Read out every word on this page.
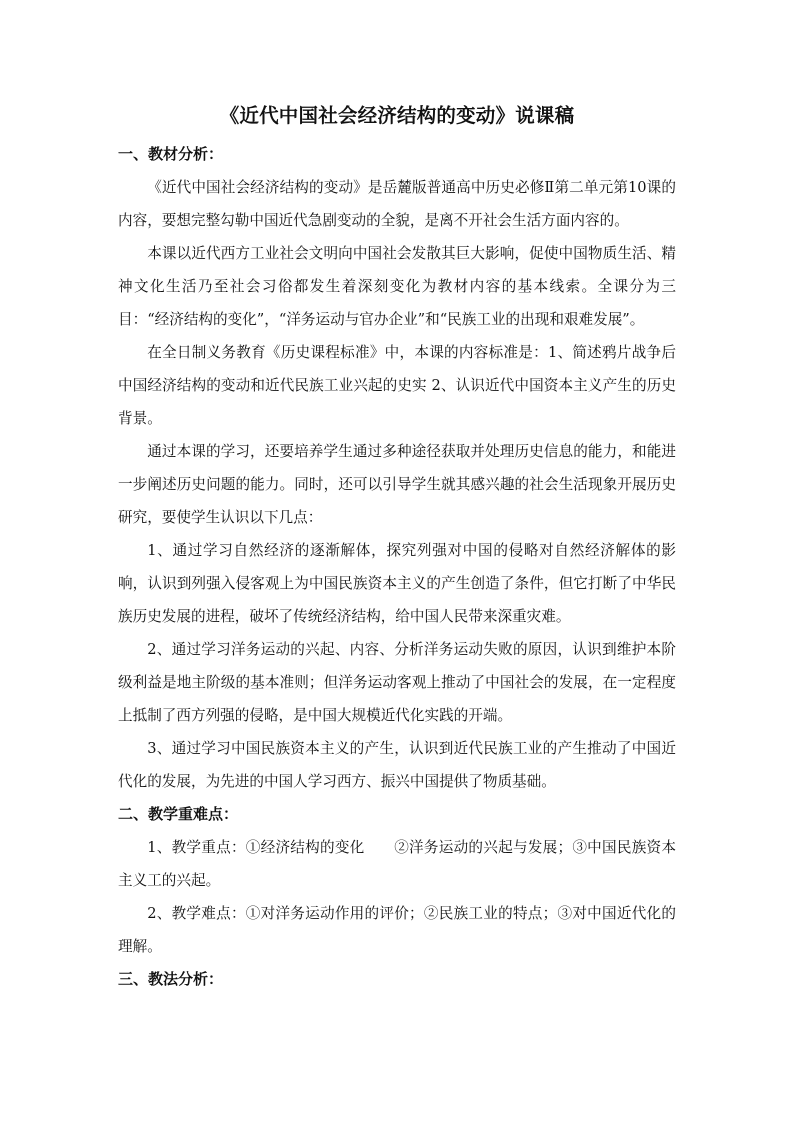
《近代中国社会经济结构的变动》说课稿

一、教材分析：

《近代中国社会经济结构的变动》是岳麓版普通高中历史必修Ⅱ第二单元第10课的内容，要想完整勾勒中国近代急剧变动的全貌，是离不开社会生活方面内容的。

本课以近代西方工业社会文明向中国社会发散其巨大影响，促使中国物质生活、精神文化生活乃至社会习俗都发生着深刻变化为教材内容的基本线索。全课分为三目：“经济结构的变化”，“洋务运动与官办企业”和“民族工业的出现和艰难发展”。

在全日制义务教育《历史课程标准》中，本课的内容标准是：1、简述鸦片战争后中国经济结构的变动和近代民族工业兴起的史实 2、认识近代中国资本主义产生的历史背景。

通过本课的学习，还要培养学生通过多种途径获取并处理历史信息的能力，和能进一步阐述历史问题的能力。同时，还可以引导学生就其感兴趣的社会生活现象开展历史研究，要使学生认识以下几点：

1、通过学习自然经济的逐渐解体，探究列强对中国的侵略对自然经济解体的影响，认识到列强入侵客观上为中国民族资本主义的产生创造了条件，但它打断了中华民族历史发展的进程，破坏了传统经济结构，给中国人民带来深重灾难。

2、通过学习洋务运动的兴起、内容、分析洋务运动失败的原因，认识到维护本阶级利益是地主阶级的基本准则；但洋务运动客观上推动了中国社会的发展，在一定程度上抵制了西方列强的侵略，是中国大规模近代化实践的开端。

3、通过学习中国民族资本主义的产生，认识到近代民族工业的产生推动了中国近代化的发展，为先进的中国人学习西方、振兴中国提供了物质基础。

二、教学重难点：

1、教学重点：①经济结构的变化　　②洋务运动的兴起与发展；③中国民族资本主义工的兴起。

2、教学难点：①对洋务运动作用的评价；②民族工业的特点；③对中国近代化的理解。

三、教法分析：
